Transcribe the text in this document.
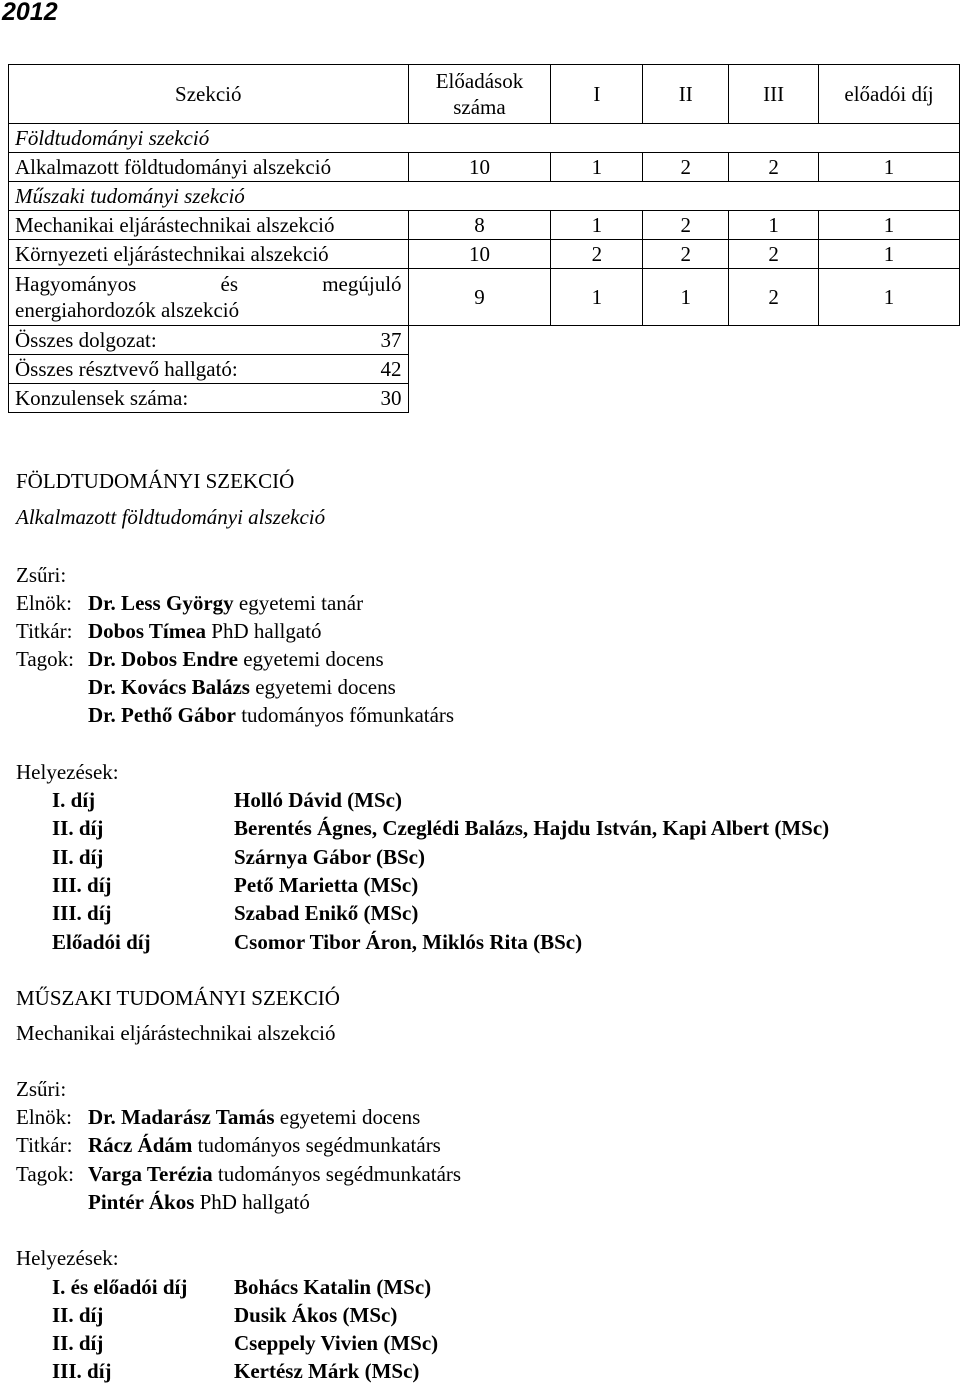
2012
Szekció	Előadások száma	I	II	III	előadói díj
Földtudományi szekció					
Alkalmazott földtudományi alszekció	10	1	2	2	1
Műszaki tudományi szekció					
Mechanikai eljárástechnikai alszekció	8	1	2	1	1
Környezeti eljárástechnikai alszekció	10	2	2	2	1

Hagyományos és megújuló
energiahordozók alszekció	9	1	1	2	1

Összes dolgozat: 37					

Összes résztvevő hallgató: 42					

Konzulensek száma: 30					

FÖLDTUDOMÁNYI SZEKCIÓ
Alkalmazott földtudományi alszekció
Zsűri:
Elnök: Dr. Less György egyetemi tanár
Titkár: Dobos Tímea PhD hallgató
Tagok: Dr. Dobos Endre egyetemi docens
Dr. Kovács Balázs egyetemi docens
Dr. Pethő Gábor tudományos főmunkatárs
Helyezések:
I. díj	Holló Dávid (MSc)
II. díj	Berentés Ágnes, Czeglédi Balázs, Hajdu István, Kapi Albert (MSc)
II. díj	Szárnya Gábor (BSc)
III. díj	Pető Marietta (MSc)
III. díj	Szabad Enikő (MSc)
Előadói díj	Csomor Tibor Áron, Miklós Rita (BSc)
MŰSZAKI TUDOMÁNYI SZEKCIÓ
Mechanikai eljárástechnikai alszekció
Zsűri:
Elnök: Dr. Madarász Tamás egyetemi docens
Titkár: Rácz Ádám tudományos segédmunkatárs
Tagok: Varga Terézia tudományos segédmunkatárs
Pintér Ákos PhD hallgató
Helyezések:
I. és előadói díj Bohács Katalin (MSc)
II. díj	Dusik Ákos (MSc)
II. díj	Cseppely Vivien (MSc)
III. díj	Kertész Márk (MSc)
